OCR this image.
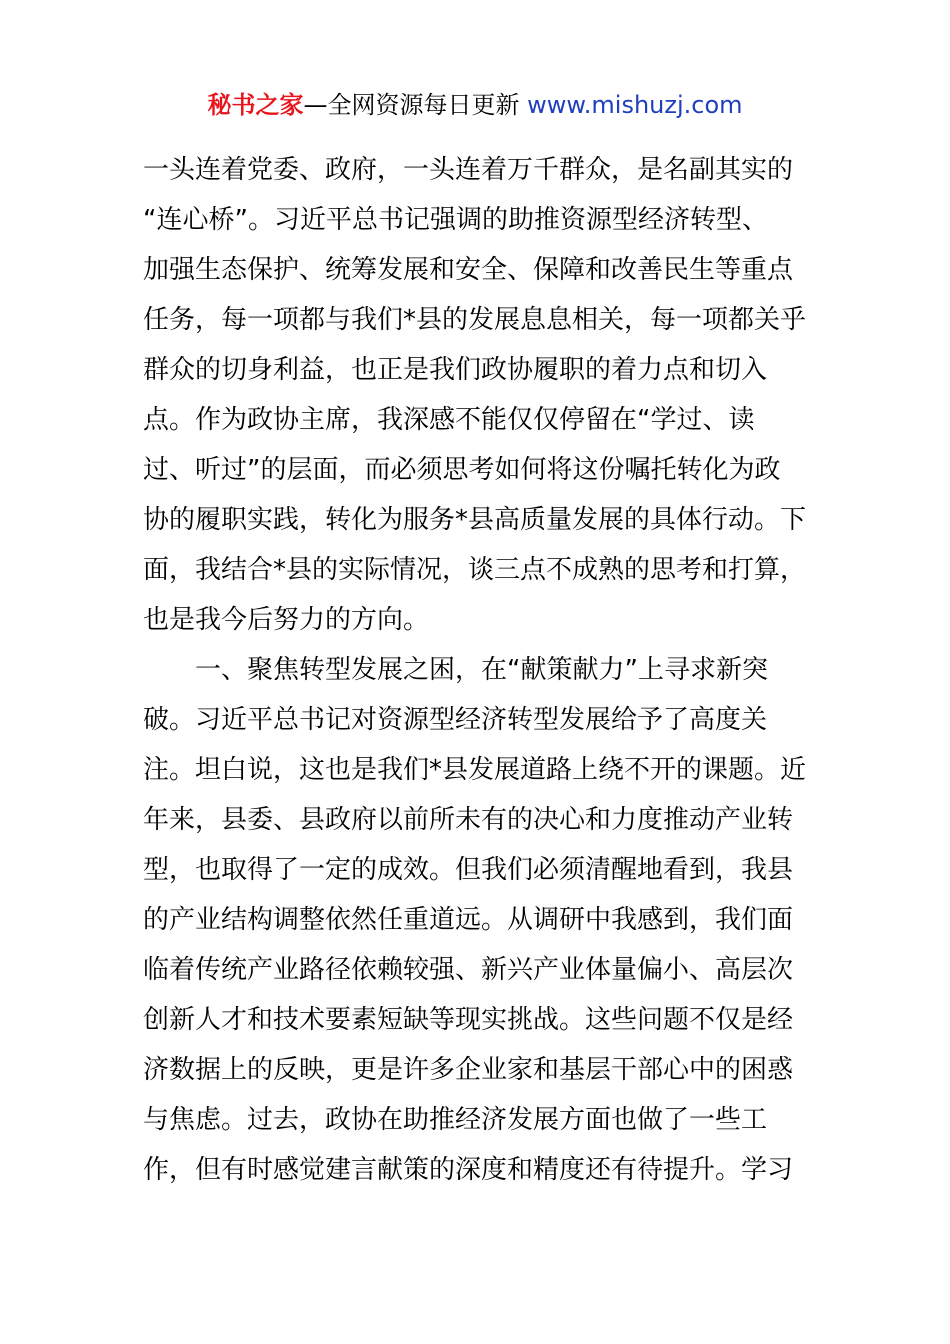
秘书之家—全网资源每日更新 www.mishuzj.com
一头连着党委、政府，一头连着万千群众，是名副其实的
“连心桥”。习近平总书记强调的助推资源型经济转型、
加强生态保护、统筹发展和安全、保障和改善民生等重点
任务，每一项都与我们*县的发展息息相关，每一项都关乎
群众的切身利益，也正是我们政协履职的着力点和切入
点。作为政协主席，我深感不能仅仅停留在“学过、读
过、听过”的层面，而必须思考如何将这份嘱托转化为政
协的履职实践，转化为服务*县高质量发展的具体行动。下
面，我结合*县的实际情况，谈三点不成熟的思考和打算，
也是我今后努力的方向。
一、聚焦转型发展之困，在“献策献力”上寻求新突
破。习近平总书记对资源型经济转型发展给予了高度关
注。坦白说，这也是我们*县发展道路上绕不开的课题。近
年来，县委、县政府以前所未有的决心和力度推动产业转
型，也取得了一定的成效。但我们必须清醒地看到，我县
的产业结构调整依然任重道远。从调研中我感到，我们面
临着传统产业路径依赖较强、新兴产业体量偏小、高层次
创新人才和技术要素短缺等现实挑战。这些问题不仅是经
济数据上的反映，更是许多企业家和基层干部心中的困惑
与焦虑。过去，政协在助推经济发展方面也做了一些工
作，但有时感觉建言献策的深度和精度还有待提升。学习
